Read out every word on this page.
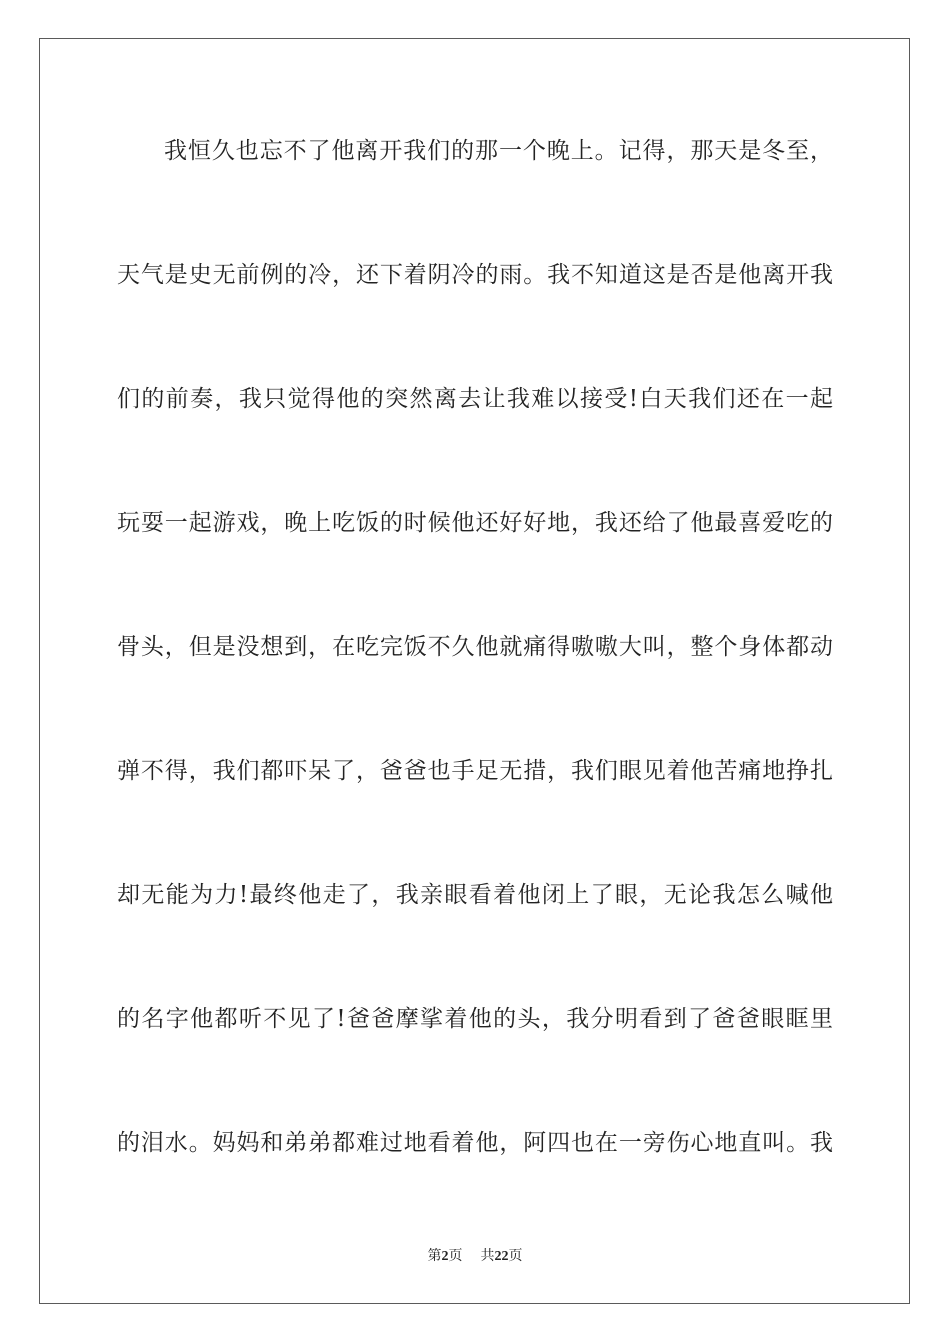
我恒久也忘不了他离开我们的那一个晚上。记得，那天是冬至，
天气是史无前例的冷，还下着阴冷的雨。我不知道这是否是他离开我
们的前奏，我只觉得他的突然离去让我难以接受!白天我们还在一起
玩耍一起游戏，晚上吃饭的时候他还好好地，我还给了他最喜爱吃的
骨头，但是没想到，在吃完饭不久他就痛得嗷嗷大叫，整个身体都动
弹不得，我们都吓呆了，爸爸也手足无措，我们眼见着他苦痛地挣扎
却无能为力!最终他走了，我亲眼看着他闭上了眼，无论我怎么喊他
的名字他都听不见了!爸爸摩挲着他的头，我分明看到了爸爸眼眶里
的泪水。妈妈和弟弟都难过地看着他，阿四也在一旁伤心地直叫。我
第2页 共22页
